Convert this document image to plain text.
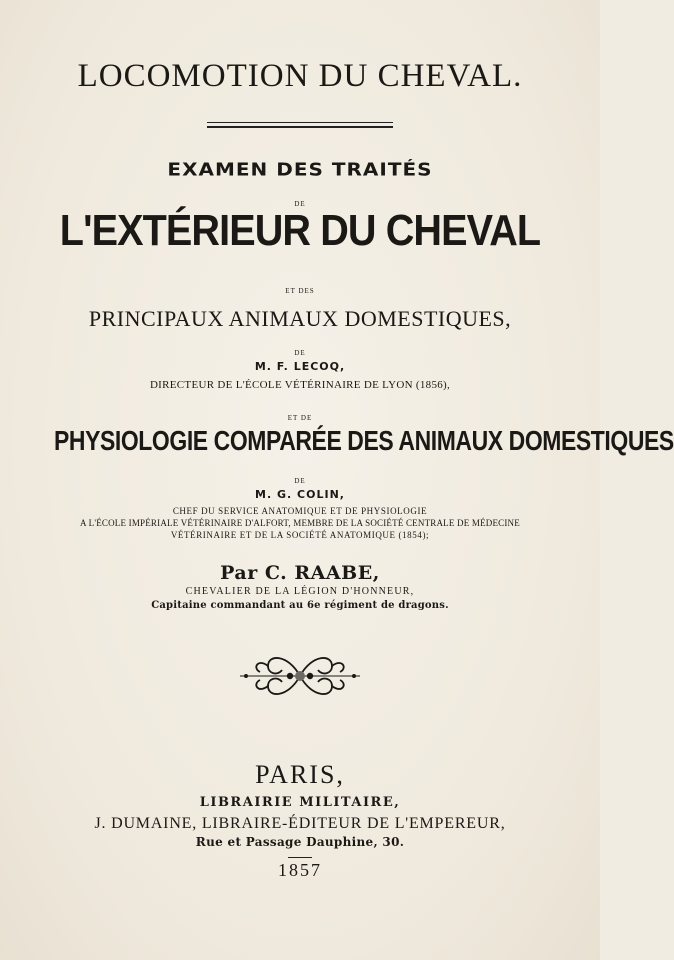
LOCOMOTION DU CHEVAL.
EXAMEN DES TRAITÉS
DE
L'EXTÉRIEUR DU CHEVAL
ET DES
PRINCIPAUX ANIMAUX DOMESTIQUES,
DE
M. F. LECOQ,
DIRECTEUR DE L'ÉCOLE VÉTÉRINAIRE DE LYON (1856),
ET DE
PHYSIOLOGIE COMPARÉE DES ANIMAUX DOMESTIQUES
DE
M. G. COLIN,
CHEF DU SERVICE ANATOMIQUE ET DE PHYSIOLOGIE
A L'ÉCOLE IMPÉRIALE VÉTÉRINAIRE D'ALFORT, MEMBRE DE LA SOCIÉTÉ CENTRALE DE MÉDECINE
VÉTÉRINAIRE ET DE LA SOCIÉTÉ ANATOMIQUE (1854);
Par C. RAABE,
CHEVALIER DE LA LÉGION D'HONNEUR,
Capitaine commandant au 6e régiment de dragons.
PARIS,
LIBRAIRIE MILITAIRE,
J. DUMAINE, LIBRAIRE-ÉDITEUR DE L'EMPEREUR,
Rue et Passage Dauphine, 30.
1857
